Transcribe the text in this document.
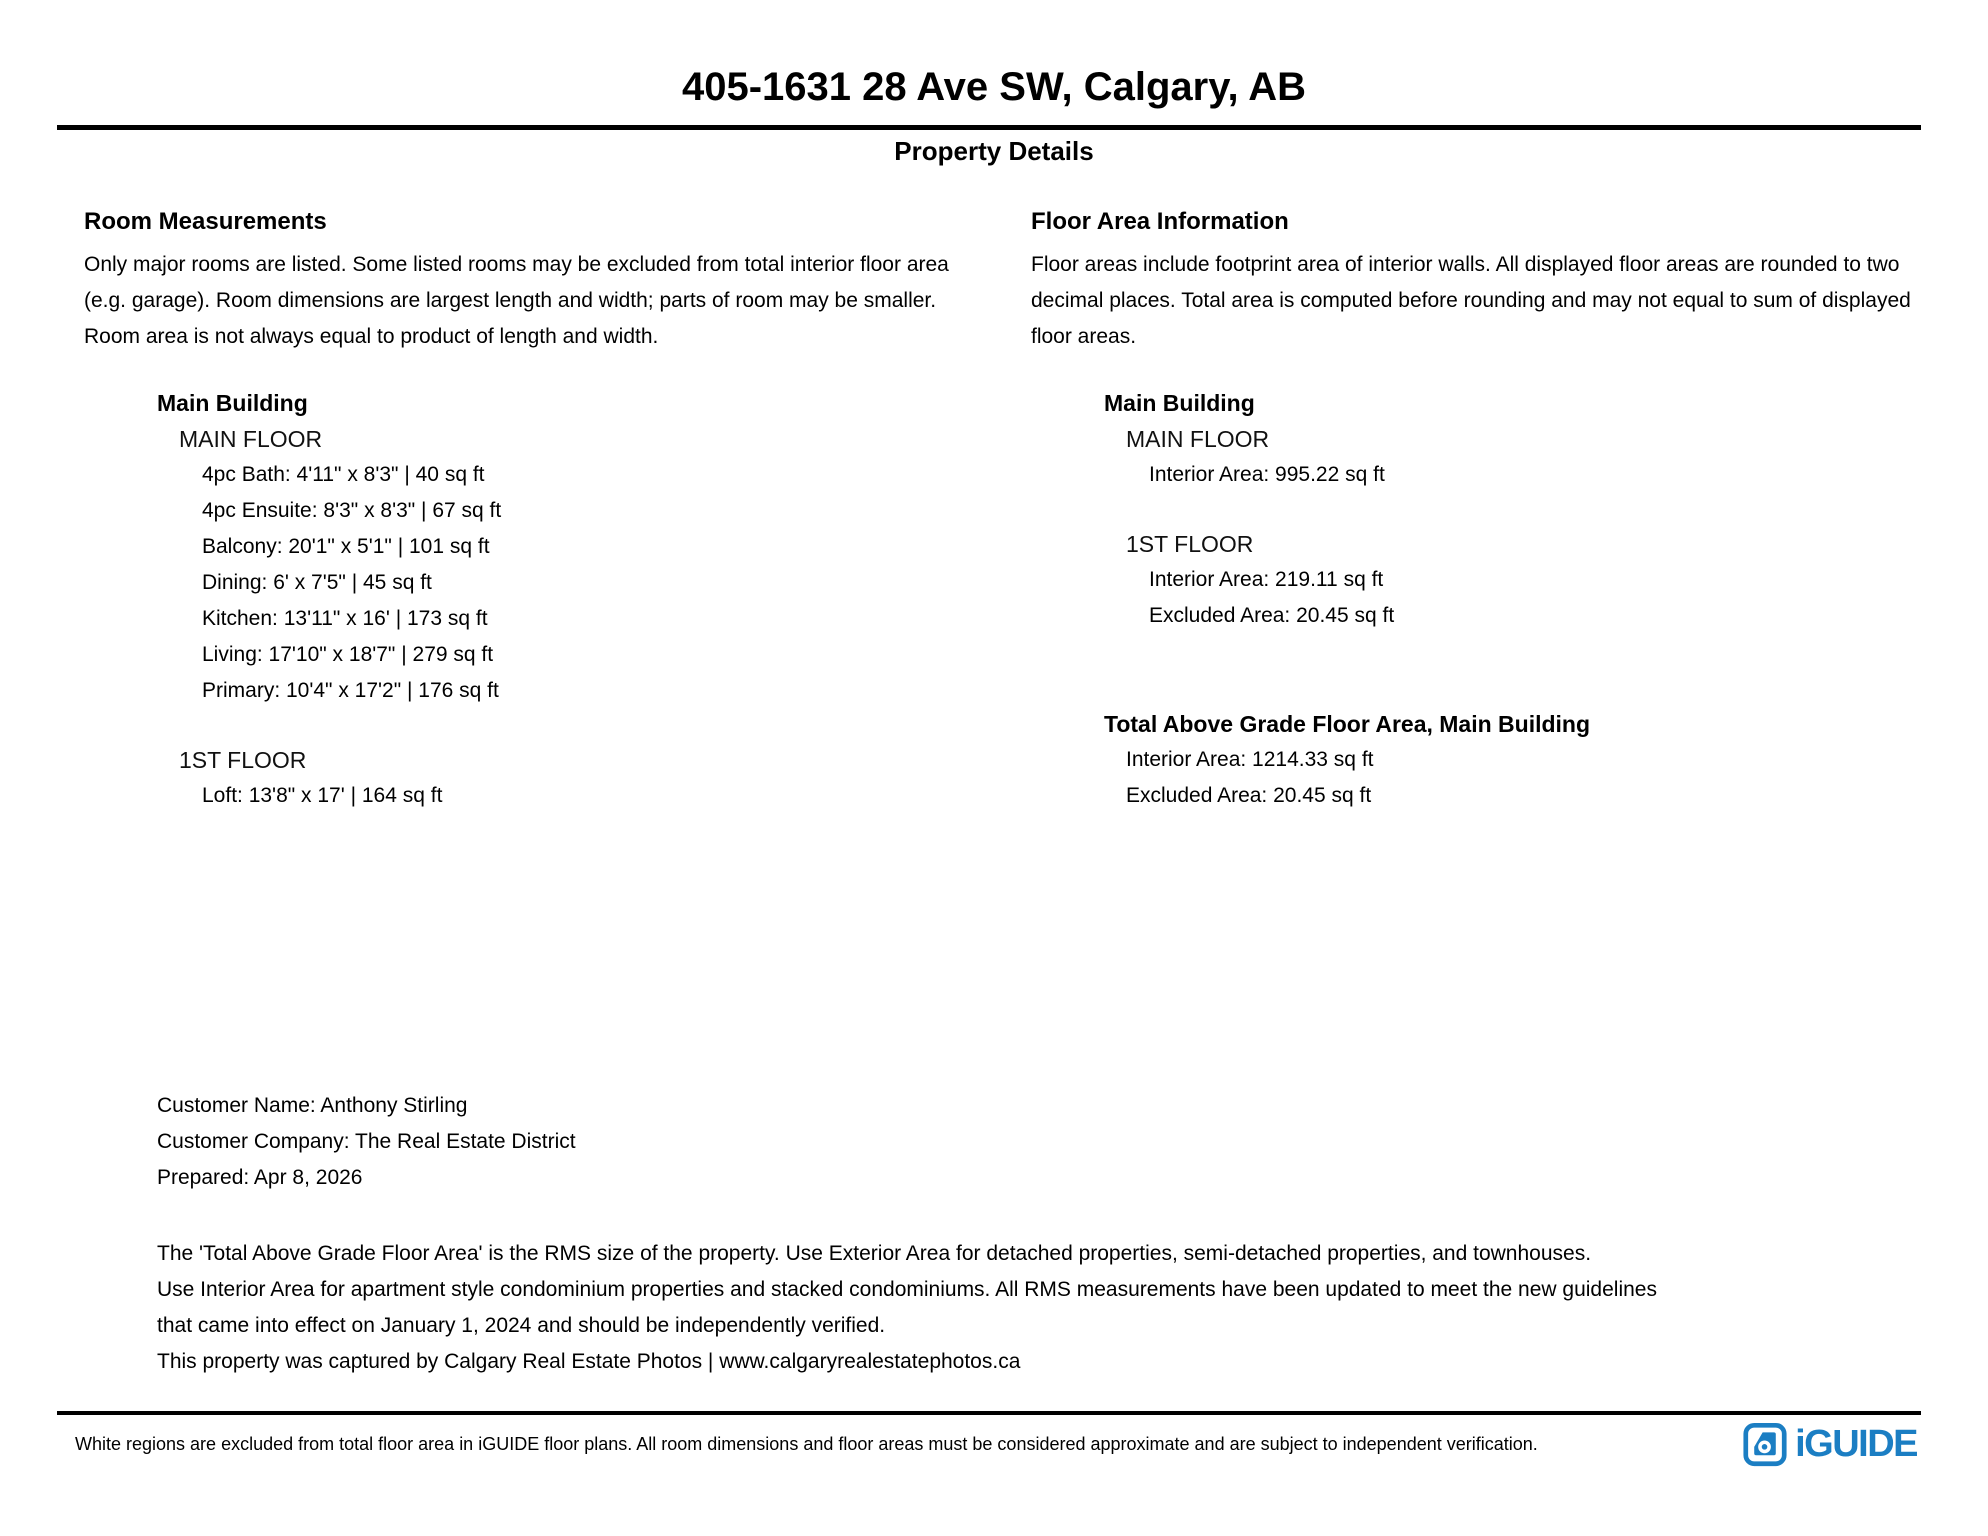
405-1631 28 Ave SW, Calgary, AB
Property Details
Room Measurements
Only major rooms are listed. Some listed rooms may be excluded from total interior floor area
(e.g. garage). Room dimensions are largest length and width; parts of room may be smaller.
Room area is not always equal to product of length and width.
Main Building
MAIN FLOOR
4pc Bath: 4'11" x 8'3" | 40 sq ft
4pc Ensuite: 8'3" x 8'3" | 67 sq ft
Balcony: 20'1" x 5'1" | 101 sq ft
Dining: 6' x 7'5" | 45 sq ft
Kitchen: 13'11" x 16' | 173 sq ft
Living: 17'10" x 18'7" | 279 sq ft
Primary: 10'4" x 17'2" | 176 sq ft
1ST FLOOR
Loft: 13'8" x 17' | 164 sq ft
Floor Area Information
Floor areas include footprint area of interior walls. All displayed floor areas are rounded to two
decimal places. Total area is computed before rounding and may not equal to sum of displayed
floor areas.
Main Building
MAIN FLOOR
Interior Area: 995.22 sq ft
1ST FLOOR
Interior Area: 219.11 sq ft
Excluded Area: 20.45 sq ft
Total Above Grade Floor Area, Main Building
Interior Area: 1214.33 sq ft
Excluded Area: 20.45 sq ft
Customer Name: Anthony Stirling
Customer Company: The Real Estate District
Prepared: Apr 8, 2026
The 'Total Above Grade Floor Area' is the RMS size of the property. Use Exterior Area for detached properties, semi-detached properties, and townhouses.
Use Interior Area for apartment style condominium properties and stacked condominiums. All RMS measurements have been updated to meet the new guidelines
that came into effect on January 1, 2024 and should be independently verified.
This property was captured by Calgary Real Estate Photos | www.calgaryrealestatephotos.ca
White regions are excluded from total floor area in iGUIDE floor plans. All room dimensions and floor areas must be considered approximate and are subject to independent verification.	iGUIDE
